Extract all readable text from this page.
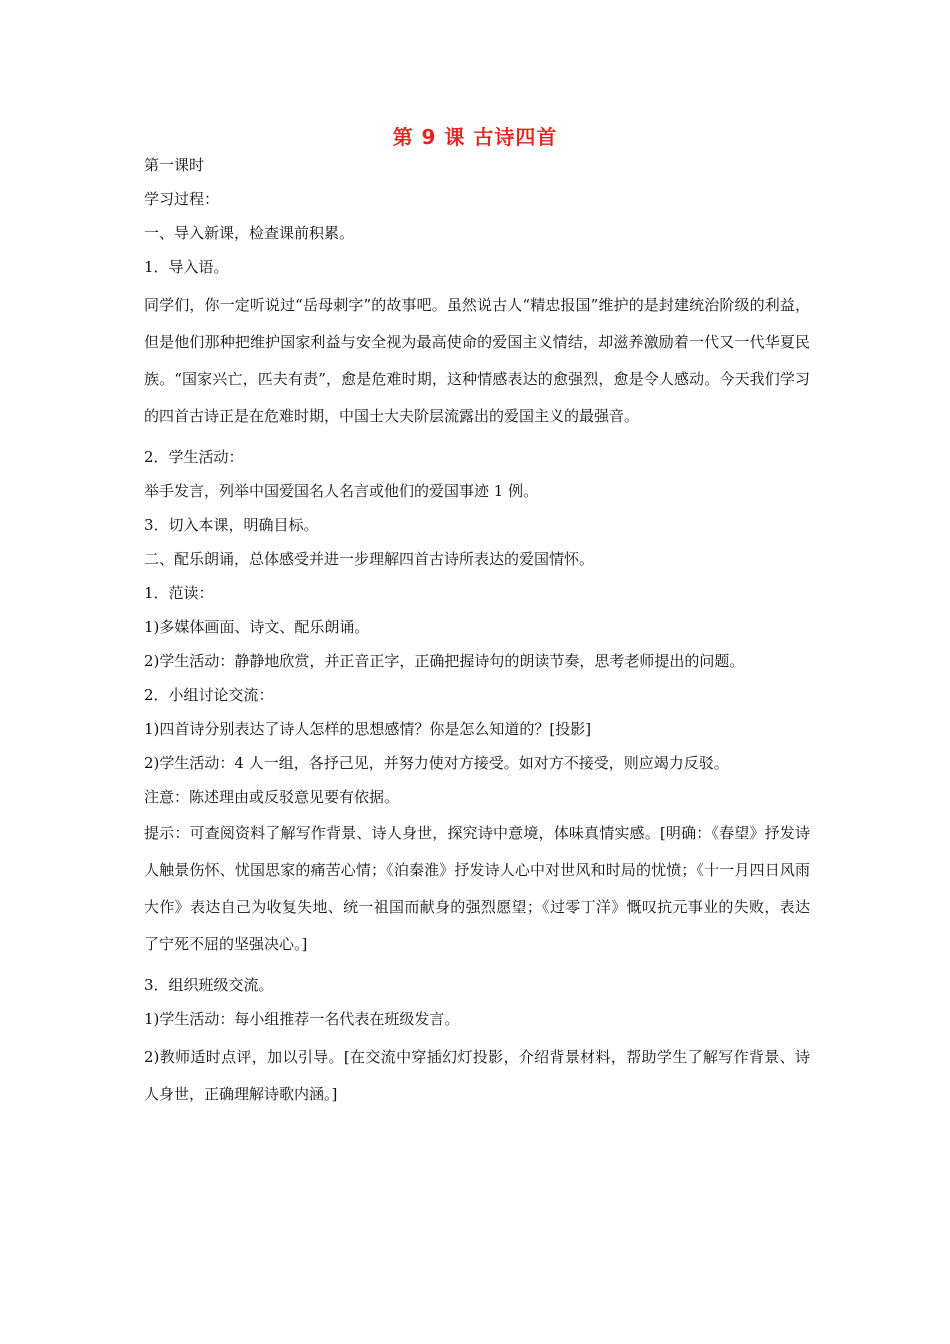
第 9 课 古诗四首

第一课时

学习过程：

一、导入新课，检查课前积累。

1．导入语。

同学们，你一定听说过“岳母刺字”的故事吧。虽然说古人“精忠报国”维护的是封建统治阶级的利益，但是他们那种把维护国家利益与安全视为最高使命的爱国主义情结，却滋养激励着一代又一代华夏民族。“国家兴亡，匹夫有责”，愈是危难时期，这种情感表达的愈强烈，愈是令人感动。今天我们学习的四首古诗正是在危难时期，中国士大夫阶层流露出的爱国主义的最强音。

2．学生活动：

举手发言，列举中国爱国名人名言或他们的爱国事迹 1 例。

3．切入本课，明确目标。

二、配乐朗诵，总体感受并进一步理解四首古诗所表达的爱国情怀。

1．范读：

1)多媒体画面、诗文、配乐朗诵。

2)学生活动：静静地欣赏，并正音正字，正确把握诗句的朗读节奏，思考老师提出的问题。

2．小组讨论交流：

1)四首诗分别表达了诗人怎样的思想感情？你是怎么知道的？[投影]

2)学生活动：4 人一组，各抒己见，并努力使对方接受。如对方不接受，则应竭力反驳。

注意：陈述理由或反驳意见要有依据。

提示：可查阅资料了解写作背景、诗人身世，探究诗中意境，体味真情实感。[明确：《春望》抒发诗人触景伤怀、忧国思家的痛苦心情；《泊秦淮》抒发诗人心中对世风和时局的忧愤；《十一月四日风雨大作》表达自己为收复失地、统一祖国而献身的强烈愿望；《过零丁洋》慨叹抗元事业的失败，表达了宁死不屈的坚强决心。]

3．组织班级交流。

1)学生活动：每小组推荐一名代表在班级发言。

2)教师适时点评，加以引导。[在交流中穿插幻灯投影，介绍背景材料，帮助学生了解写作背景、诗人身世，正确理解诗歌内涵。]
